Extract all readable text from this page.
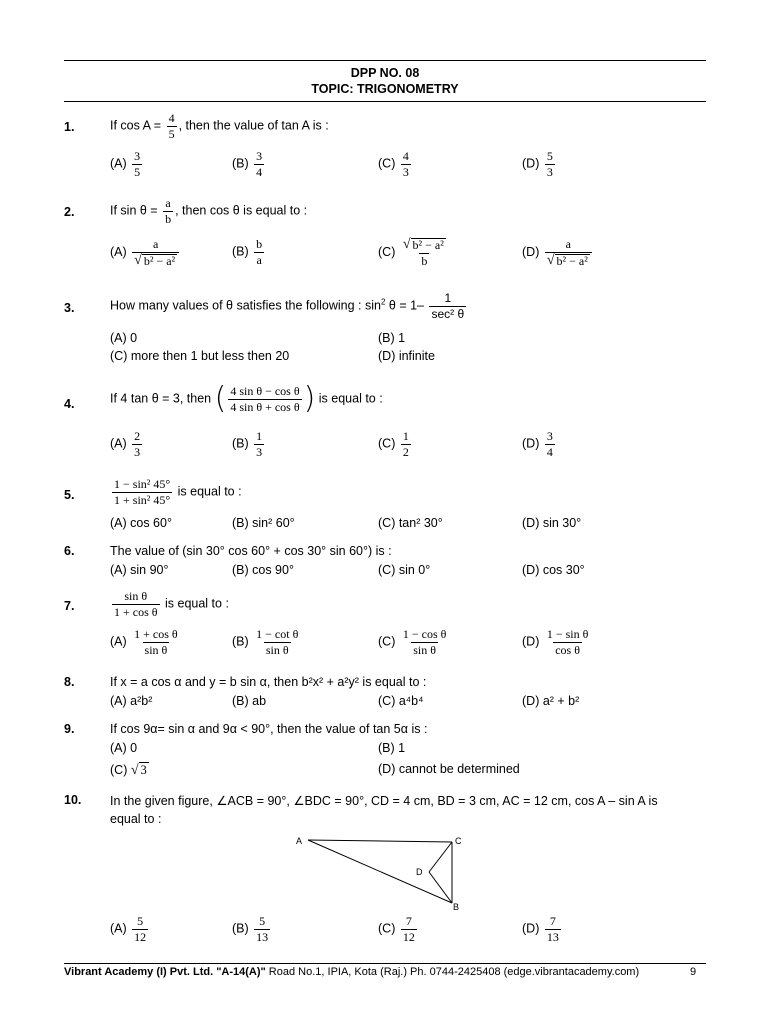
DPP NO. 08
TOPIC: TRIGONOMETRY
1.	If $\cos A = \frac{4}{5}$ , then the value of tan A is :
$(A) \frac{3}{5}$	$(B) \frac{3}{4}$	$(C) \frac{4}{3}$	$(D) \frac{5}{3}$
2.	If $\sin \theta = \frac{a}{b}$ , then cos θ is equal to :
$(A) \frac{a}{\text{√ b² − a²}}$	$(B) \frac{b}{a}$	$(C) \frac{\text{√ b² − a²}}{b}$	$(D) \frac{a}{\text{√ b² − a²}}$
3.	How many values of θ satisfies the following : $\sin^2 \theta = 1- \frac{1}{\text{sec² θ}}$
(A) 0	(B) 1
(C) more then 1 but less then 20	(D) infinite
4.	If 4 tan θ = 3, then ( $\frac{\text{4 sin θ − cos θ}}{\text{4 sin θ + cos θ}}$ ) is equal to :
$(A) \frac{2}{3}$	$(B) \frac{1}{3}$	$(C) \frac{1}{2}$	$(D) \frac{3}{4}$
5.	$\frac{\text{1 − sin² 45°}}{\text{1 + sin² 45°}}$ is equal to :
(A) cos 60°	(B) sin² 60°	(C) tan² 30°	(D) sin 30°
6.	The value of (sin 30° cos 60° + cos 30° sin 60°) is :
(A) sin 90°	(B) cos 90°	(C) sin 0°	(D) cos 30°
7.	$\frac{\text{sin θ}}{\text{1 + cos θ}}$ is equal to :
$(A) \frac{\text{1 + cos θ}}{\text{sin θ}}$	$(B) \frac{\text{1 − cot θ}}{\text{sin θ}}$	$(C) \frac{\text{1 − cos θ}}{\text{sin θ}}$	$(D) \frac{\text{1 − sin θ}}{\text{cos θ}}$
8.	If x = a cos α and y = b sin α, then b²x² + a²y² is equal to :
(A) a²b²	(B) ab	(C) a⁴b⁴	(D) a² + b²
9.	If cos 9α= sin α and 9α < 90°, then the value of tan 5α is :
(A) 0	(B) 1
(C) √ 3	(D) cannot be determined
10. In the given figure, ∠ACB = 90°, ∠BDC = 90°, CD = 4 cm, BD = 3 cm, AC = 12 cm, cos A – sin A is
equal to :
A	C
B
D
$(A) \frac{5}{12}$	$(B) \frac{5}{13}$	$(C) \frac{7}{12}$	$(D) \frac{7}{13}$
Vibrant Academy (I) Pvt. Ltd. "A-14(A)" Road No.1, IPIA, Kota (Raj.) Ph. 0744-2425408 (edge.vibrantacademy.com)	9
